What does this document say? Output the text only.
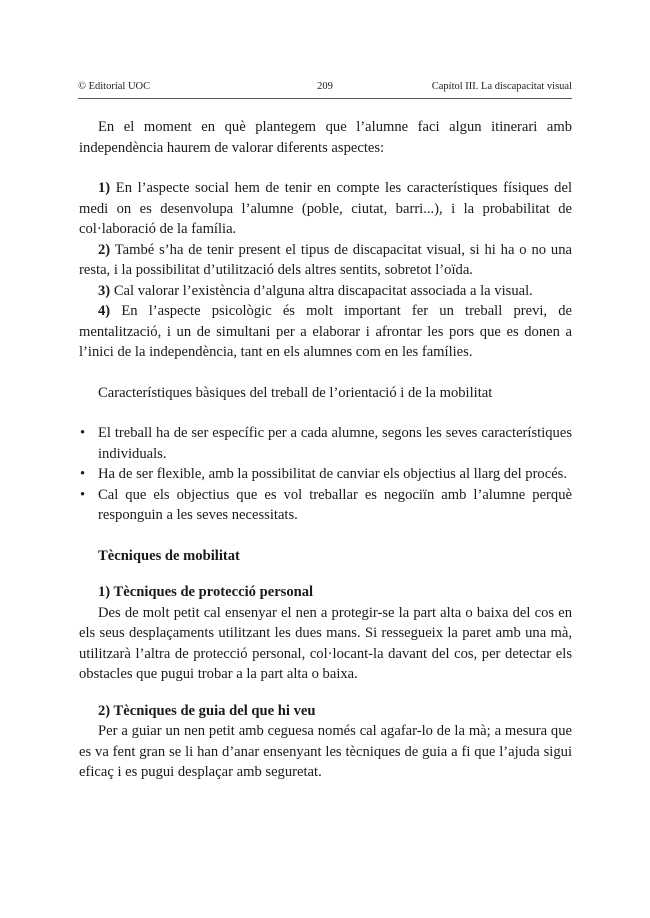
© Editorial UOC	209	Capítol III. La discapacitat visual

En el moment en què plantegem que l’alumne faci algun itinerari amb independència haurem de valorar diferents aspectes:

1) En l’aspecte social hem de tenir en compte les característiques físiques del medi on es desenvolupa l’alumne (poble, ciutat, barri...), i la probabilitat de col·laboració de la família.

2) També s’ha de tenir present el tipus de discapacitat visual, si hi ha o no una resta, i la possibilitat d’utilització dels altres sentits, sobretot l’oïda.

3) Cal valorar l’existència d’alguna altra discapacitat associada a la visual.

4) En l’aspecte psicològic és molt important fer un treball previ, de mentalització, i un de simultani per a elaborar i afrontar les pors que es donen a l’inici de la independència, tant en els alumnes com en les famílies.

Característiques bàsiques del treball de l’orientació i de la mobilitat

• El treball ha de ser específic per a cada alumne, segons les seves característiques individuals.
• Ha de ser flexible, amb la possibilitat de canviar els objectius al llarg del procés.
• Cal que els objectius que es vol treballar es negociïn amb l’alumne perquè responguin a les seves necessitats.

Tècniques de mobilitat

1) Tècniques de protecció personal

Des de molt petit cal ensenyar el nen a protegir-se la part alta o baixa del cos en els seus desplaçaments utilitzant les dues mans. Si ressegueix la paret amb una mà, utilitzarà l’altra de protecció personal, col·locant-la davant del cos, per detectar els obstacles que pugui trobar a la part alta o baixa.

2) Tècniques de guia del que hi veu

Per a guiar un nen petit amb ceguesa només cal agafar-lo de la mà; a mesura que es va fent gran se li han d’anar ensenyant les tècniques de guia a fi que l’ajuda sigui eficaç i es pugui desplaçar amb seguretat.
